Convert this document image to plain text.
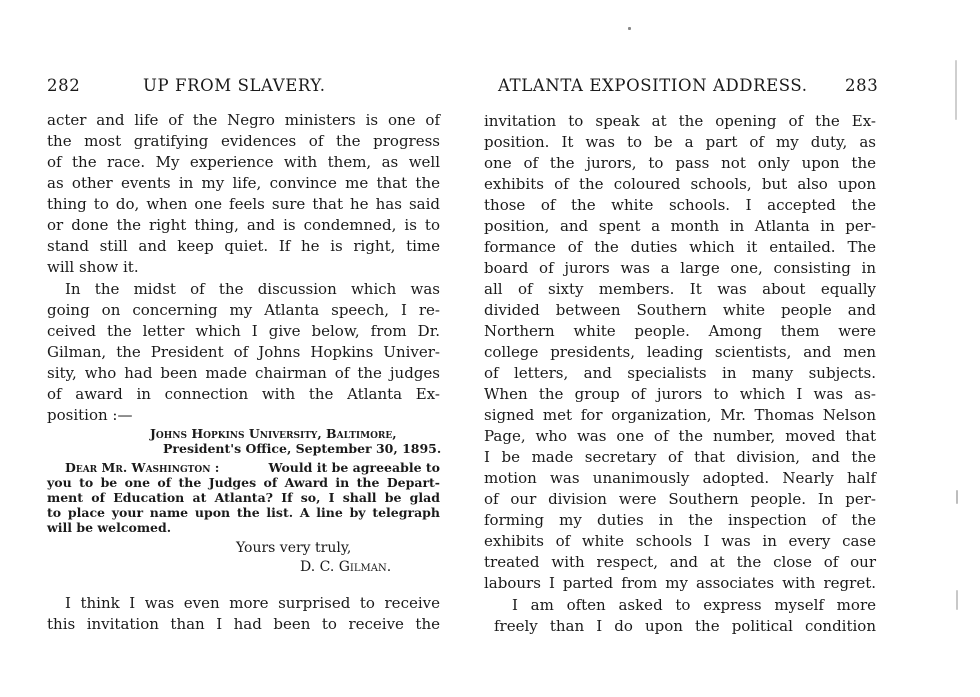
282	UP FROM SLAVERY.
acter and life of the Negro ministers is one of
the most gratifying evidences of the progress
of the race. My experience with them, as well
as other events in my life, convince me that the
thing to do, when one feels sure that he has said
or done the right thing, and is condemned, is to
stand still and keep quiet. If he is right, time
will show it.
In the midst of the discussion which was
going on concerning my Atlanta speech, I re-
ceived the letter which I give below, from Dr.
Gilman, the President of Johns Hopkins Univer-
sity, who had been made chairman of the judges
of award in connection with the Atlanta Ex-
position :—
Johns Hopkins University, Baltimore,
President's Office, September 30, 1895.
Dear Mr. Washington :	Would it be agreeable to
you to be one of the Judges of Award in the Depart-
ment of Education at Atlanta? If so, I shall be glad
to place your name upon the list. A line by telegraph
will be welcomed.
Yours very truly,
D. C. Gilman.
I think I was even more surprised to receive
this invitation than I had been to receive the
ATLANTA EXPOSITION ADDRESS. 283
invitation to speak at the opening of the Ex-
position. It was to be a part of my duty, as
one of the jurors, to pass not only upon the
exhibits of the coloured schools, but also upon
those of the white schools. I accepted the
position, and spent a month in Atlanta in per-
formance of the duties which it entailed. The
board of jurors was a large one, consisting in
all of sixty members. It was about equally
divided between Southern white people and
Northern white people. Among them were
college presidents, leading scientists, and men
of letters, and specialists in many subjects.
When the group of jurors to which I was as-
signed met for organization, Mr. Thomas Nelson
Page, who was one of the number, moved that
I be made secretary of that division, and the
motion was unanimously adopted. Nearly half
of our division were Southern people. In per-
forming my duties in the inspection of the
exhibits of white schools I was in every case
treated with respect, and at the close of our
labours I parted from my associates with regret.
I am often asked to express myself more
freely than I do upon the political condition
